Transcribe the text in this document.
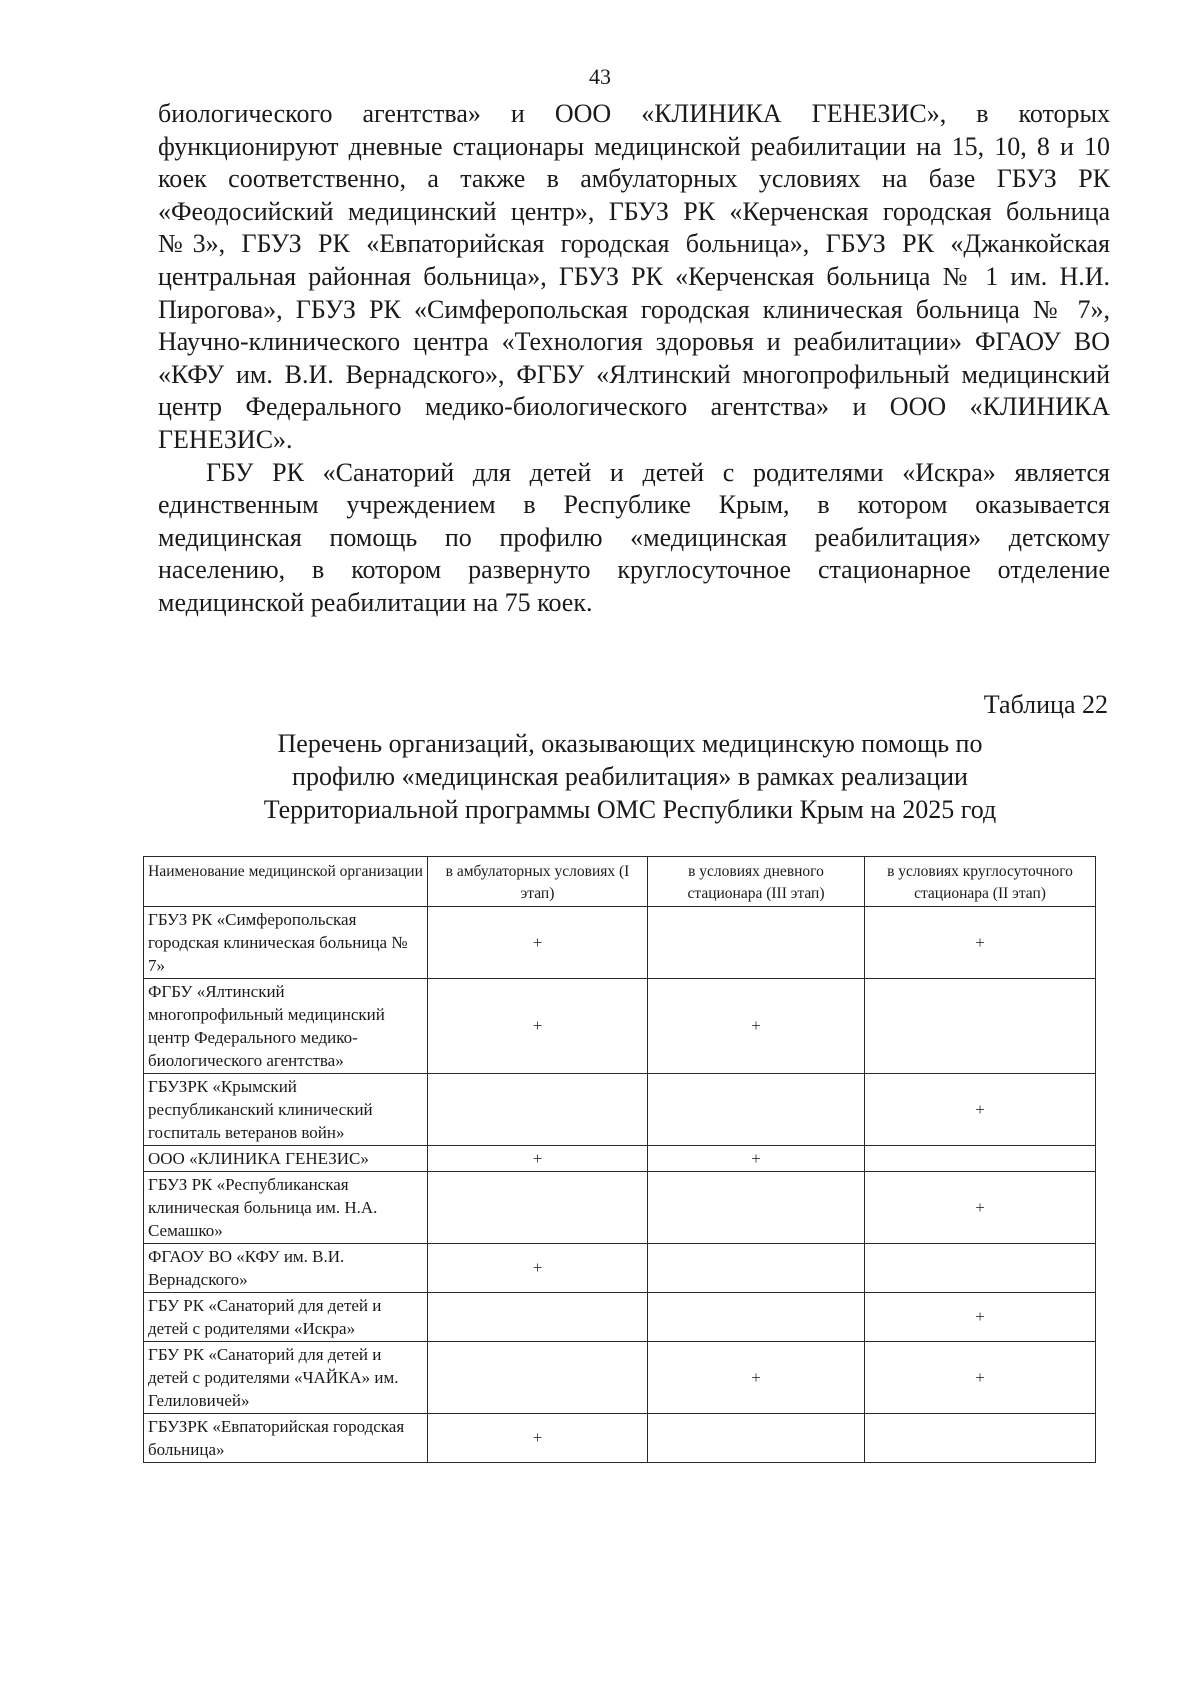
43

биологического агентства» и ООО «КЛИНИКА ГЕНЕЗИС», в которых функционируют дневные стационары медицинской реабилитации на 15, 10, 8 и 10 коек соответственно, а также в амбулаторных условиях на базе ГБУЗ РК «Феодосийский медицинский центр», ГБУЗ РК «Керченская городская больница №3», ГБУЗ РК «Евпаторийская городская больница», ГБУЗ РК «Джанкойская центральная районная больница», ГБУЗ РК «Керченская больница № 1 им. Н.И. Пирогова», ГБУЗ РК «Симферопольская городская клиническая больница № 7», Научно-клинического центра «Технология здоровья и реабилитации» ФГАОУ ВО «КФУ им. В.И. Вернадского», ФГБУ «Ялтинский многопрофильный медицинский центр Федерального медико-биологического агентства» и ООО «КЛИНИКА ГЕНЕЗИС».

ГБУ РК «Санаторий для детей и детей с родителями «Искра» является единственным учреждением в Республике Крым, в котором оказывается медицинская помощь по профилю «медицинская реабилитация» детскому населению, в котором развернуто круглосуточное стационарное отделение медицинской реабилитации на 75 коек.

Таблица 22
Перечень организаций, оказывающих медицинскую помощь по
профилю «медицинская реабилитация» в рамках реализации
Территориальной программы ОМС Республики Крым на 2025 год
Наименование медицинской организации	в амбулаторных условиях (I этап)	в условиях дневного стационара (III этап)	в условиях круглосуточного стационара (II этап)
ГБУЗ РК «Симферопольская городская клиническая больница № 7»	+		+
ФГБУ «Ялтинский многопрофильный медицинский центр Федерального медико-биологического агентства»	+	+	
ГБУЗРК «Крымский республиканский клинический госпиталь ветеранов войн»			+
ООО «КЛИНИКА ГЕНЕЗИС»	+	+	
ГБУЗ РК «Республиканская клиническая больница им. Н.А. Семашко»			+
ФГАОУ ВО «КФУ им. В.И. Вернадского»	+		
ГБУ РК «Санаторий для детей и детей с родителями «Искра»			+
ГБУ РК «Санаторий для детей и детей с родителями «ЧАЙКА» им. Гелиловичей»		+	+
ГБУЗРК «Евпаторийская городская больница»	+		
